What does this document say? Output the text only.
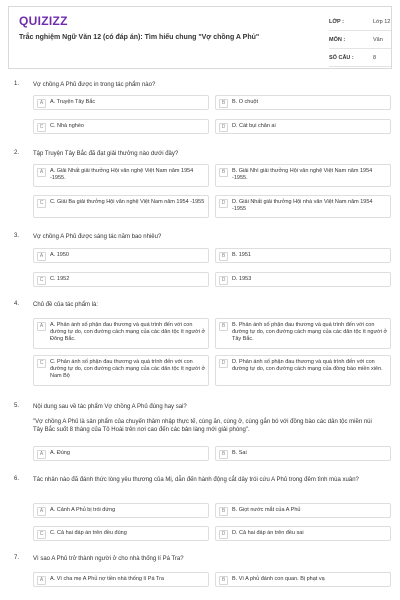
QUIZIZZ
Trắc nghiệm Ngữ Văn 12 (có đáp án): Tìm hiểu chung "Vợ chồng A Phủ"
LỚP :	Lớp 12
MÔN :	Văn
SỐ CÂU :	8
1. Vợ chồng A Phủ được in trong tác phẩm nào?
A	A. Truyện Tây Bắc	B	B. O chuột
C	C. Nhà nghèo	D	D. Cát bụi chân ai
2. Tập Truyện Tây Bắc đã đạt giải thưởng nào dưới đây?
A	A. Giải Nhất giải thưởng Hội văn nghệ Việt Nam năm 1954 -1955.
B	B. Giải Nhì giải thưởng Hội văn nghệ Việt Nam năm 1954 -1955.
C	C. Giải Ba giải thưởng Hội văn nghệ Việt Nam năm 1954 -1955	D	D. Giải Nhất giải thưởng Hội nhà văn Việt Nam năm 1954 -1955
3. Vợ chồng A Phủ được sáng tác năm bao nhiêu?
A	A. 1950	B	B. 1951
C	C. 1952	D	D. 1953
4. Chủ đề của tác phẩm là:
A	A. Phản ánh số phận đau thương và quá trình đến với con đường tự do, con đường cách mạng của các dân tộc ít người ở Đông Bắc.
B	B. Phản ánh số phận đau thương và quá trình đến với con đường tự do, con đường cách mạng của các dân tộc ít người ở Tây Bắc.
C	C. Phản ánh số phận đau thương và quá trình đến với con đường tự do, con đường cách mạng của các dân tộc ít người ở Nam Bộ
D	D. Phản ánh số phận đau thương và quá trình đến với con đường tự do, con đường cách mạng của đồng bào miền xiên.
5. Nội dung sau về tác phẩm Vợ chồng A Phủ đúng hay sai?
"Vợ chồng A Phủ là sản phẩm của chuyến thâm nhập thực tế, cùng ăn, cùng ở, cùng gắn bó với đồng bào các dân tộc miền núi Tây Bắc suốt 8 tháng của Tô Hoài trên nơi cao đến các bản làng mới giải phóng".
A	A. Đúng	B	B. Sai
6. Tác nhân nào đã đánh thức lòng yêu thương của Mị, dẫn đến hành động cắt dây trói cứu A Phủ trong đêm tình mùa xuân?
A	A. Cảnh A Phủ bị trói đứng	B	B. Giọt nước mắt của A Phủ
C	C. Cả hai đáp án trên đều đúng	D	D. Cả hai đáp án trên đều sai
7. Vì sao A Phủ trở thành người ở cho nhà thống lí Pá Tra?
A	A. Vì cha mẹ A Phủ nợ tiền nhà thống lí Pá Tra	B	B. Vì A phủ đánh con quan. Bị phạt vạ
